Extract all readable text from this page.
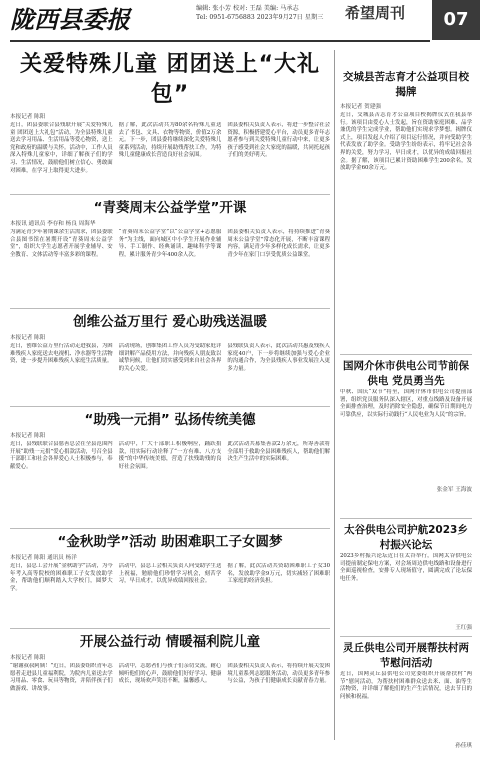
陇西县委报	编辑: 张小芳 校对: 王磊 美编: 马承志
Tel: 0951-6756883 2023年9月27日 星期三	希望周刊	07
关爱特殊儿童 团团送上“大礼包”
本报记者 陈阳
近日，团县委联合县残联开展“关爱特殊儿童 团团送上大礼包”活动，为全县特殊儿童送去学习用品、生活用品等爱心物资，送上党和政府的温暖与关怀。活动中，工作人员深入特殊儿童家中，详细了解孩子们的学习、生活情况，鼓励他们树立信心、勇敢面对困难，在学习上取得更大进步。
据了解，此次活动共为80余名特殊儿童送去了书包、文具、衣物等物资，价值2万余元。下一步，团县委将继续深化关爱特殊儿童系列活动，持续开展助残帮扶工作，为特殊儿童健康成长营造良好社会氛围。
团县委相关负责人表示，将进一步整合社会资源，积极搭建爱心平台，动员更多青年志愿者参与到关爱特殊儿童行动中来，让更多孩子感受到社会大家庭的温暖，共同托起孩子们的美好明天。
“青葵周末公益学堂”开课
本报讯 通讯员 李存和 杨良 周海华
为满足青少年暑期课余生活需求，团县委联合县图书馆在暑期开设“青葵周末公益学堂”，组织大学生志愿者开展学业辅导、安全教育、文体活动等丰富多彩的课程。
“青葵周末公益学堂”以“公益学堂+志愿服务”为主线，面向城区中小学生开展作业辅导、手工制作、经典诵读、趣味科学等课程，累计服务青少年400余人次。
团县委相关负责人表示，将持续推进“青葵周末公益学堂”常态化开展，不断丰富课程内容，满足青少年多样化成长需求，让更多青少年在家门口享受优质公益课堂。
创维公益万里行 爱心助残送温暖
本报记者 陈阳
近日，创维公益万里行活动走进我县，为困难残疾人家庭送去电视机、净水器等生活物资，进一步提升困难残疾人家庭生活质量。
活动现场，创维集团工作人员为受助家庭详细讲解产品使用方法，并向残疾人朋友致以诚挚问候，让他们切实感受到来自社会各界的关心关爱。
县残联负责人表示，此次活动共惠及残疾人家庭40户，下一步将继续加强与爱心企业的沟通合作，为全县残疾人事业发展注入更多力量。
“助残一元捐” 弘扬传统美德
本报记者 陈阳
近日，县残联联合县慈善总会在全县范围内开展“助残一元捐”爱心捐款活动，号召全县干部职工和社会各界爱心人士积极参与，奉献爱心。
活动中，广大干部职工积极响应，踊跃捐款，用实际行动诠释了“一方有难、八方支援”的中华传统美德，营造了扶残助残的良好社会氛围。
此次活动共募集善款2万余元，所筹善款将全部用于救助全县困难残疾人，帮助他们解决生产生活中的实际困难。
“金秋助学”活动 助困难职工子女圆梦
本报记者 陈阳 通讯员 杨洋
近日，县总工会开展“金秋助学”活动，为今年考入高等院校的困难职工子女发放助学金，帮助他们顺利踏入大学校门，圆梦大学。
活动中，县总工会相关负责人向受助学生送上祝福，勉励他们珍惜学习机会，刻苦学习，早日成才，以优异成绩回报社会。
据了解，此次活动共资助困难职工子女30名，发放助学金9万元，切实减轻了困难职工家庭的经济负担。
开展公益行动 情暖福利院儿童
本报记者 陈阳
“谢谢叔叔阿姨！”近日，团县委组织青年志愿者走进县儿童福利院，为院内儿童送去学习用品、零食、玩具等物资，并陪伴孩子们做游戏、讲故事。
活动中，志愿者们与孩子们亲切交流，耐心倾听他们的心声，鼓励他们好好学习、健康成长，现场欢声笑语不断，温馨感人。
团县委相关负责人表示，将持续开展关爱困境儿童系列志愿服务活动，动员更多青年参与公益，为孩子们健康成长贡献青春力量。
交城县苦志育才公益项目校揭牌
本报记者 贺建强
近日，交城县苦志育才公益项目校揭牌仪式在我县举行。该项目由爱心人士发起，旨在资助家庭困难、品学兼优的学生完成学业，帮助他们实现求学梦想。揭牌仪式上，项目发起人介绍了项目运行情况，并向受助学生代表发放了助学金。受助学生纷纷表示，将牢记社会各界的关爱，努力学习，早日成才，以优异的成绩回报社会。据了解，该项目已累计资助困难学生200余名，发放助学金60余万元。
国网介休市供电公司节前保供电 党员勇当先
中秋、国庆“双节”将至，国网介休市供电公司提前部署，组织党员服务队深入辖区，对重点线路及设备开展全面排查治理，及时消除安全隐患，确保节日期间电力可靠供应，以实际行动践行“人民电业为人民”的宗旨。
张金军 王海波
太谷供电公司护航2023乡村振兴论坛
2023乡村振兴论坛近日在太谷举行，国网太谷供电公司提前制定保电方案，对会场周边供电线路和设备进行全面巡视检查，安排专人现场值守，圆满完成了论坛保电任务。
王红强
灵丘供电公司开展帮扶村两节慰问活动
近日，国网灵丘县供电公司党委组织开展帮扶村“两节”慰问活动，为帮扶村困难群众送去米、面、油等生活物资，并详细了解他们的生产生活情况，送去节日的问候和祝福。
孙佳琪
